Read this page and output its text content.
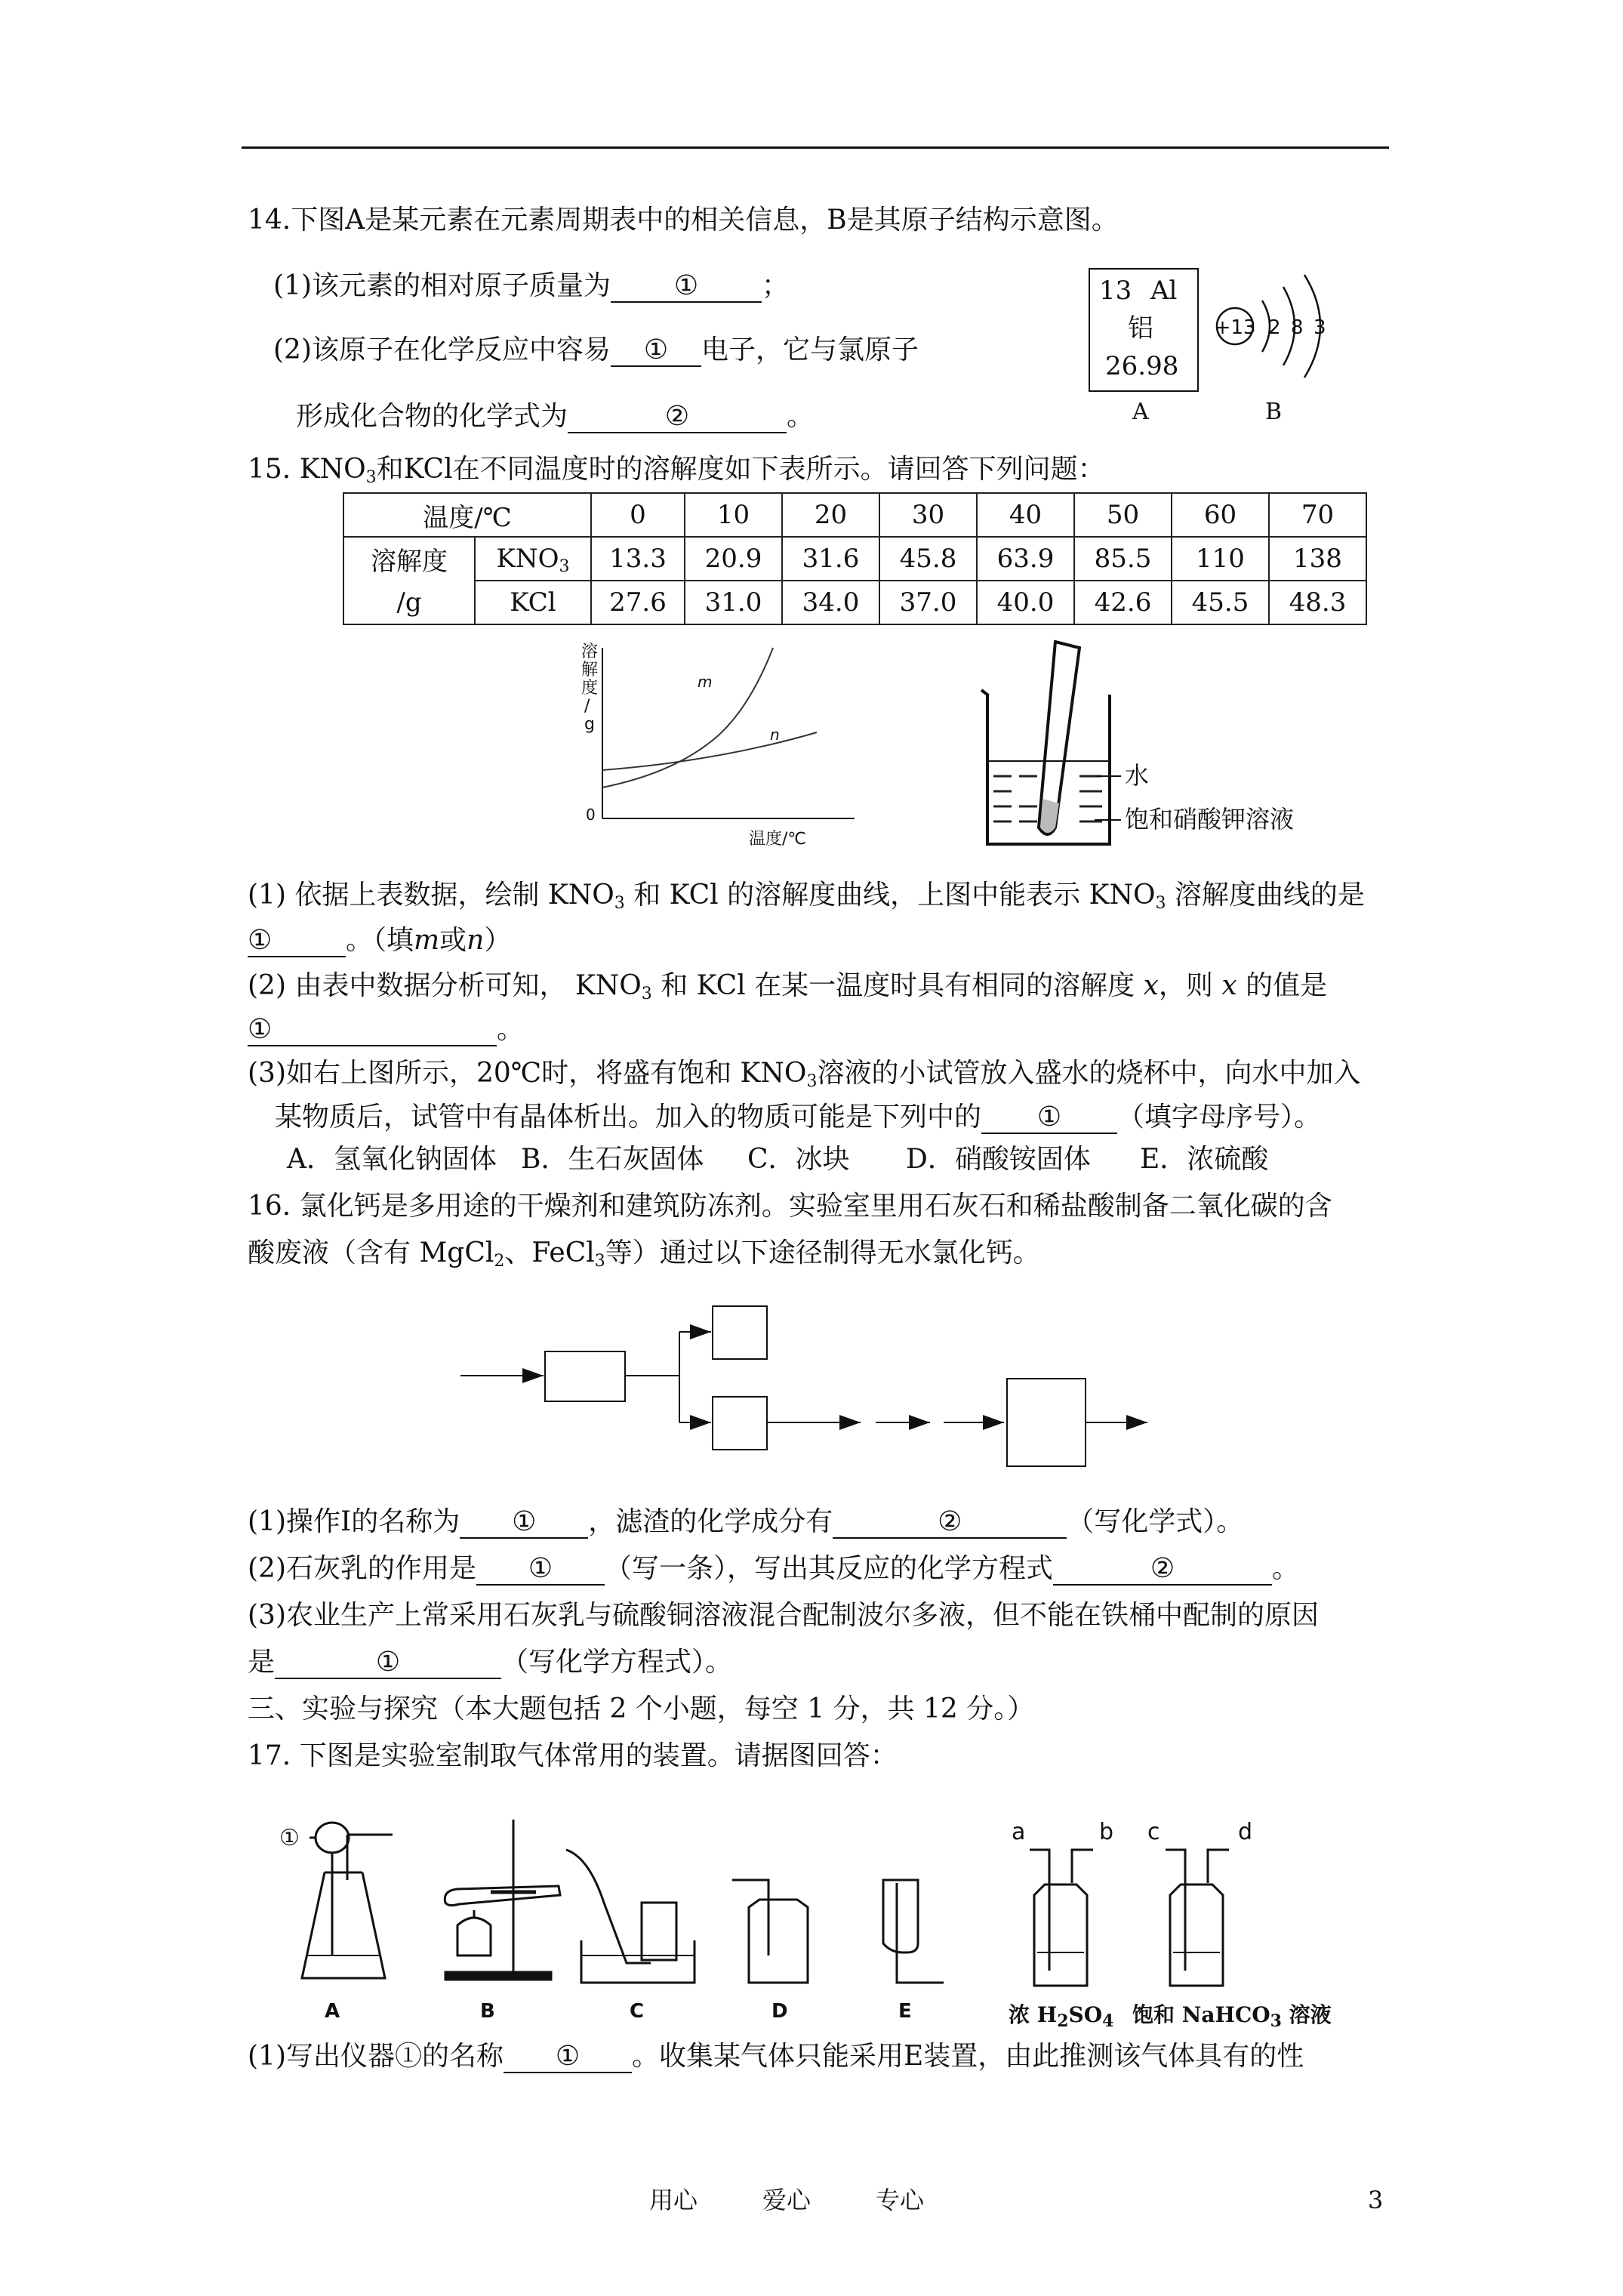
14.下图A是某元素在元素周期表中的相关信息，B是其原子结构示意图。
(1)该元素的相对原子质量为 ① ；
(2)该原子在化学反应中容易 ① 电子，它与氯原子
形成化合物的化学式为	②	。
13 Al
铝
26.98
A
+13 2 8 3
B
15. $KNO_3$和KCl在不同温度时的溶解度如下表所示。请回答下列问题：
温度/℃		0	10	20	30	40	50	60	70
溶解度	$KNO_3$	13.3	20.9	31.6	45.8	63.9	85.5	110	138
/g	KCl	27.6	31.0	34.0	37.0	40.0	42.6	45.5	48.3
溶
解
度
/
g
0
m
n
温度/℃
水
饱和硝酸钾溶液
(1) 依据上表数据，绘制 $KNO_3$ 和 KCl 的溶解度曲线，上图中能表示 $KNO_3$ 溶解度曲线的是
①	。（填m或n）
(2) 由表中数据分析可知， $KNO_3$ 和 KCl 在某一温度时具有相同的溶解度 x，则 x 的值是
①	。
(3)如右上图所示，20℃时，将盛有饱和 $KNO_3$溶液的小试管放入盛水的烧杯中，向水中加入
某物质后，试管中有晶体析出。加入的物质可能是下列中的 ① （填字母序号）。
A．氢氧化钠固体 B．生石灰固体 C．冰块 D．硝酸铵固体 E．浓硫酸
16. 氯化钙是多用途的干燥剂和建筑防冻剂。实验室里用石灰石和稀盐酸制备二氧化碳的含
酸废液（含有 MgCl$_2$、FeCl$_3$等）通过以下途径制得无水氯化钙。
(1)操作Ⅰ的名称为 ① ，滤渣的化学成分有	②	（写化学式）。
(2)石灰乳的作用是 ① （写一条），写出其反应的化学方程式	②	。
(3)农业生产上常采用石灰乳与硫酸铜溶液混合配制波尔多液，但不能在铁桶中配制的原因
是	①	（写化学方程式）。
三、实验与探究（本大题包括 2 个小题，每空 1 分，共 12 分。）
17. 下图是实验室制取气体常用的装置。请据图回答：
①	a	b c	d
A	B	C	D	E	浓 $H_2SO_4$ 饱和 NaHCO$_3$ 溶液
(1)写出仪器①的名称 ① 。收集某气体只能采用E装置，由此推测该气体具有的性
用心	爱心	专心	3
